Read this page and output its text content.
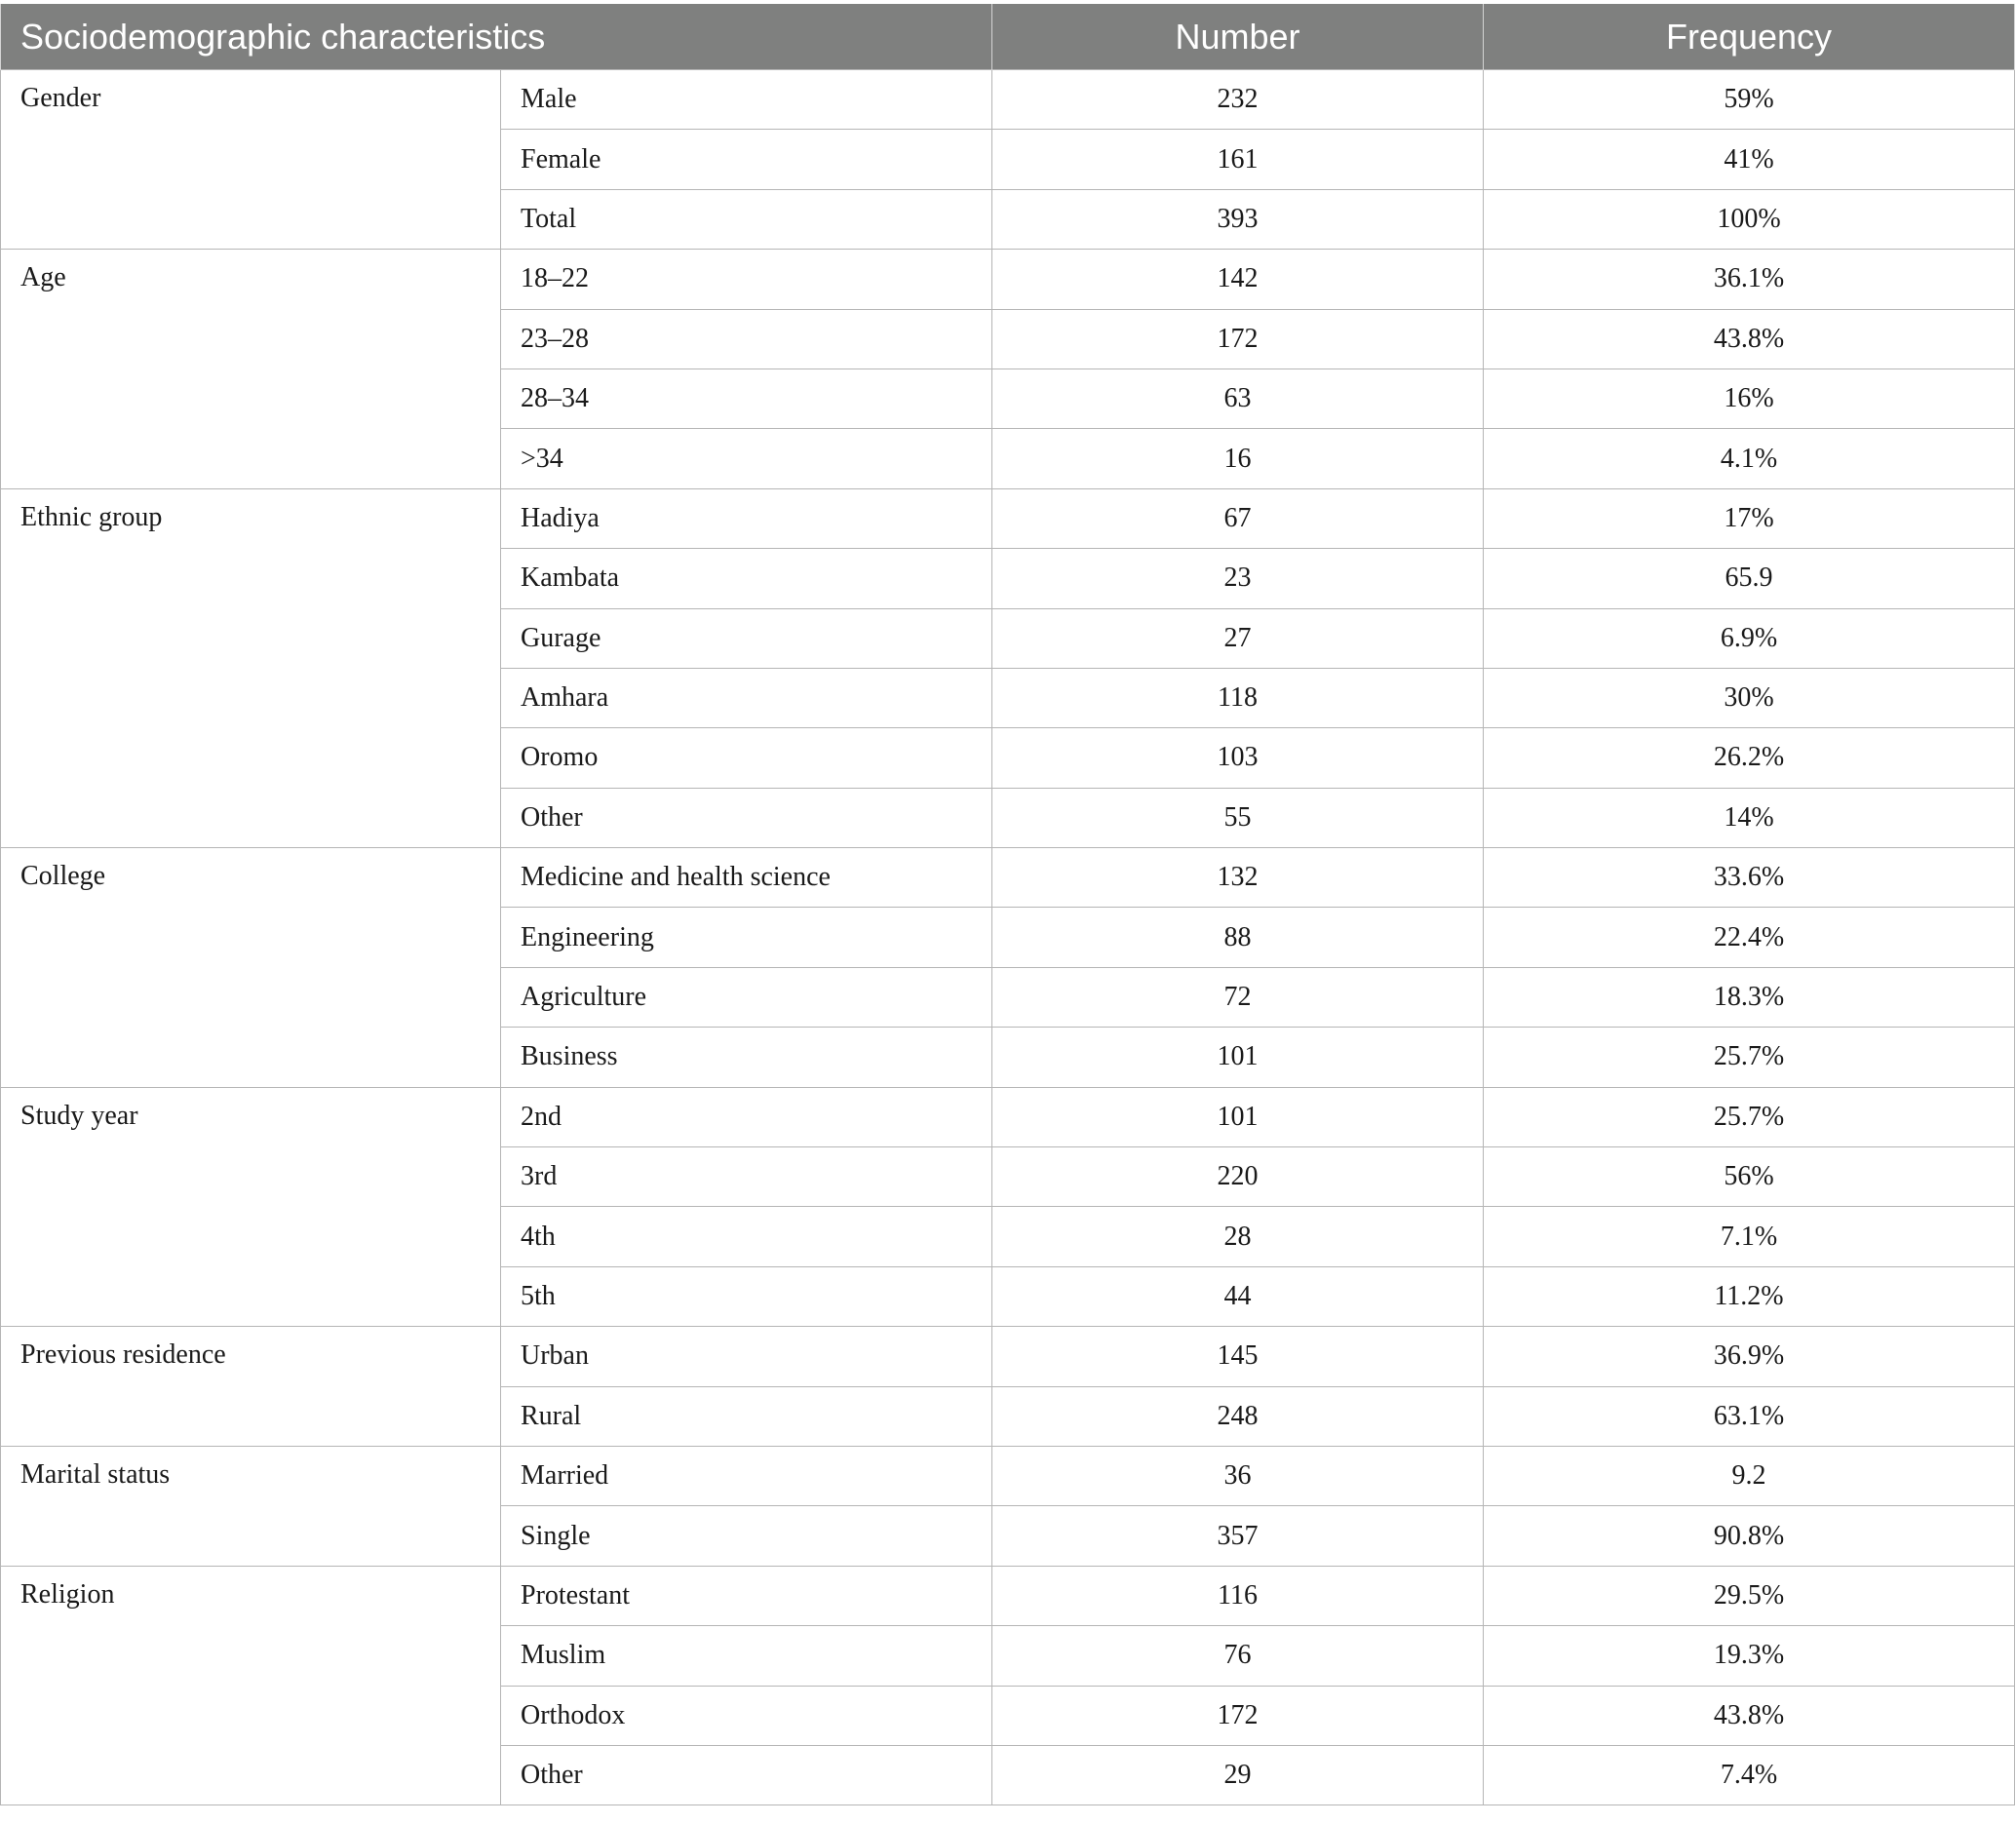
Sociodemographic characteristics		Number	Frequency
Gender	Male	232	59%
	Female	161	41%
	Total	393	100%
Age	18–22	142	36.1%
	23–28	172	43.8%
	28–34	63	16%
	>34	16	4.1%
Ethnic group	Hadiya	67	17%
	Kambata	23	65.9
	Gurage	27	6.9%
	Amhara	118	30%
	Oromo	103	26.2%
	Other	55	14%
College	Medicine and health science	132	33.6%
	Engineering	88	22.4%
	Agriculture	72	18.3%
	Business	101	25.7%
Study year	2nd	101	25.7%
	3rd	220	56%
	4th	28	7.1%
	5th	44	11.2%
Previous residence	Urban	145	36.9%
	Rural	248	63.1%
Marital status	Married	36	9.2
	Single	357	90.8%
Religion	Protestant	116	29.5%
	Muslim	76	19.3%
	Orthodox	172	43.8%
	Other	29	7.4%
